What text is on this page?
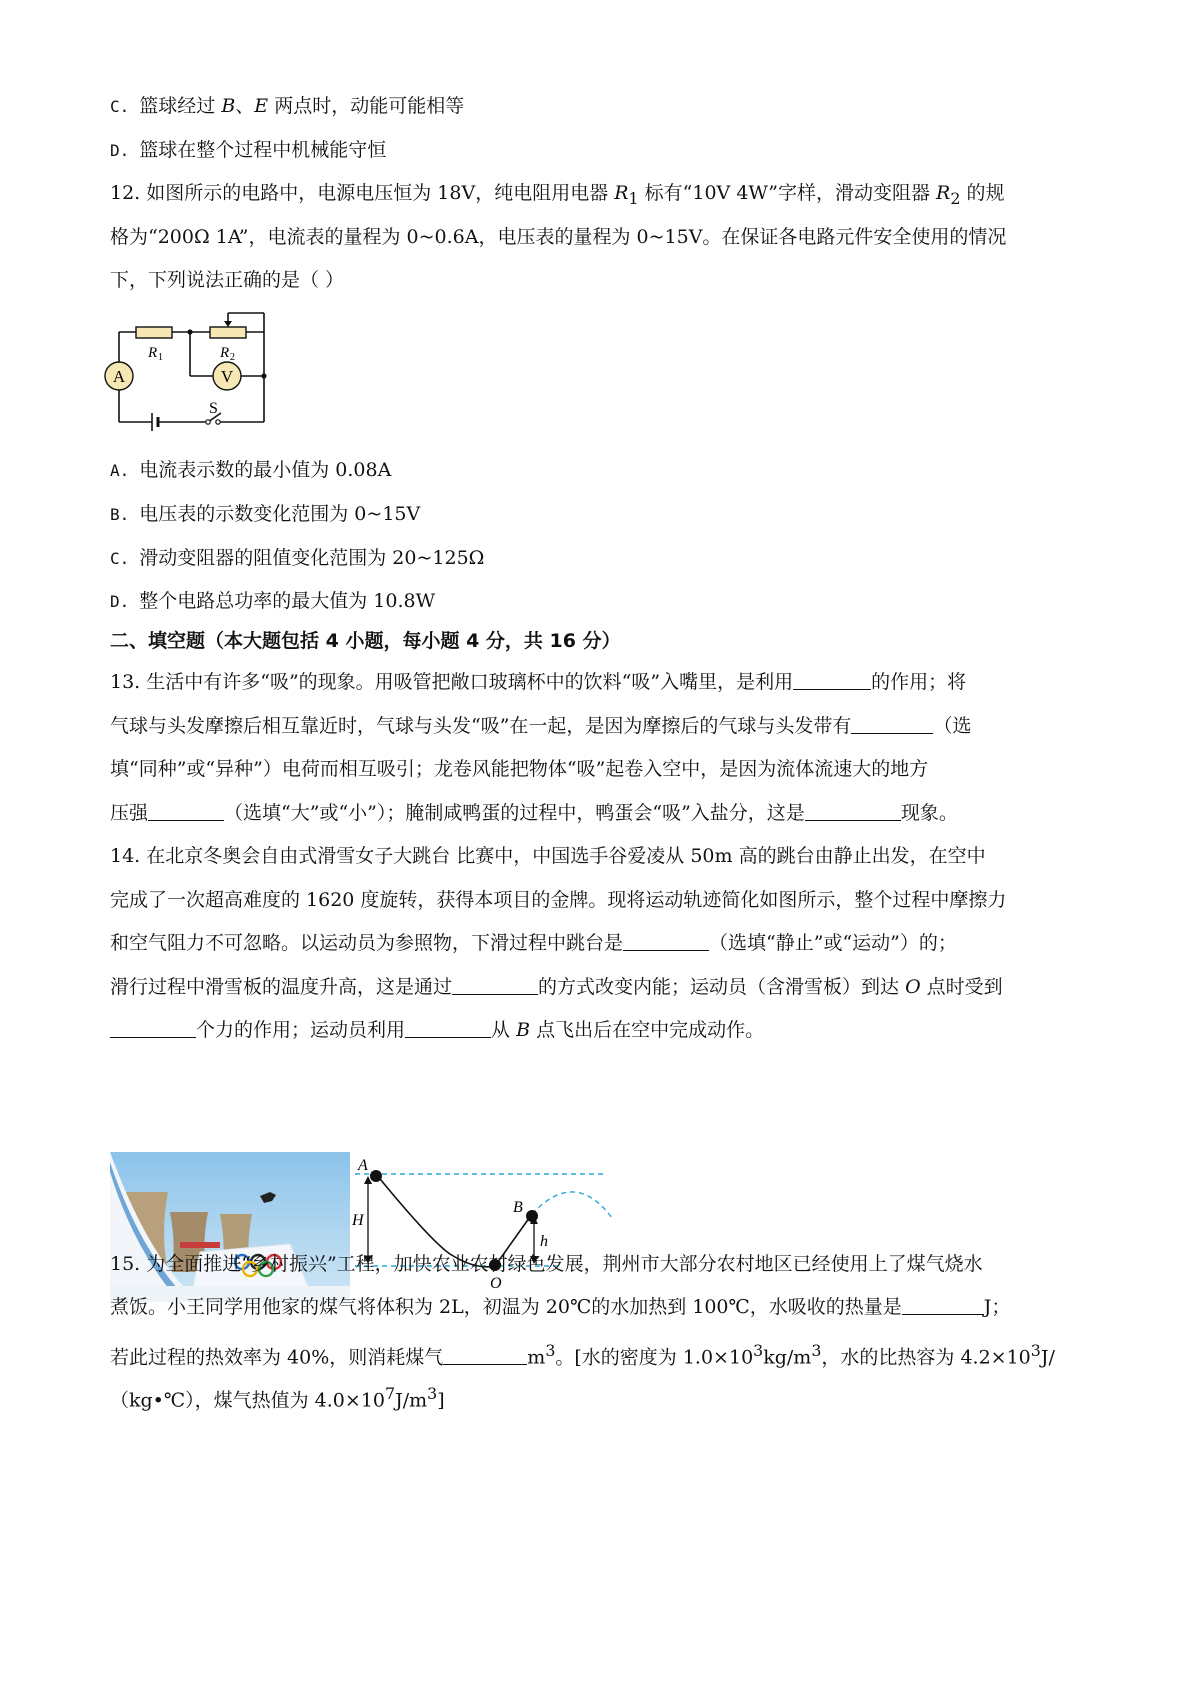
C. 篮球经过 B、E 两点时，动能可能相等
D. 篮球在整个过程中机械能守恒
12. 如图所示的电路中，电源电压恒为 18V，纯电阻用电器 $R_1$ 标有“10V 4W”字样，滑动变阻器 $R_2$ 的规
格为“200Ω 1A”，电流表的量程为 0~0.6A，电压表的量程为 0~15V。在保证各电路元件安全使用的情况
下，下列说法正确的是（ ）
A	V
R 1	R 2
S
A. 电流表示数的最小值为 0.08A
B. 电压表的示数变化范围为 0~15V
C. 滑动变阻器的阻值变化范围为 20~125Ω
D. 整个电路总功率的最大值为 10.8W
二、填空题（本大题包括 4 小题，每小题 4 分，共 16 分）
13. 生活中有许多“吸”的现象。用吸管把敞口玻璃杯中的饮料“吸”入嘴里，是利用	的作用；将
气球与头发摩擦后相互靠近时，气球与头发“吸”在一起，是因为摩擦后的气球与头发带有	（选
填“同种”或“异种”）电荷而相互吸引；龙卷风能把物体“吸”起卷入空中，是因为流体流速大的地方
压强	（选填“大”或“小”）；腌制咸鸭蛋的过程中，鸭蛋会“吸”入盐分，这是	现象。
14. 在北京冬奥会自由式滑雪女子大跳台 比赛中，中国选手谷爱凌从 50m 高的跳台由静止出发，在空中
完成了一次超高难度的 1620 度旋转，获得本项目的金牌。现将运动轨迹简化如图所示，整个过程中摩擦力
和空气阻力不可忽略。以运动员为参照物，下滑过程中跳台是	（选填“静止”或“运动”）的；
滑行过程中滑雪板的温度升高，这是通过	的方式改变内能；运动员（含滑雪板）到达 O 点时受到
个力的作用；运动员利用	从 B 点飞出后在空中完成动作。
A
B
O
H
h
15. 为全面推进“乡村振兴”工程，加快农业农村绿色发展，荆州市大部分农村地区已经使用上了煤气烧水
煮饭。小王同学用他家的煤气将体积为 2L，初温为 20℃的水加热到 100℃，水吸收的热量是	J；
若此过程的热效率为 40%，则消耗煤气	$m^3$。[水的密度为 $1.0\times 10^3kg/m^3$，水的比热容为 $4.2\times 10^3J/$
（kg•℃），煤气热值为 $4.0\times 10^7J/m^3$]
